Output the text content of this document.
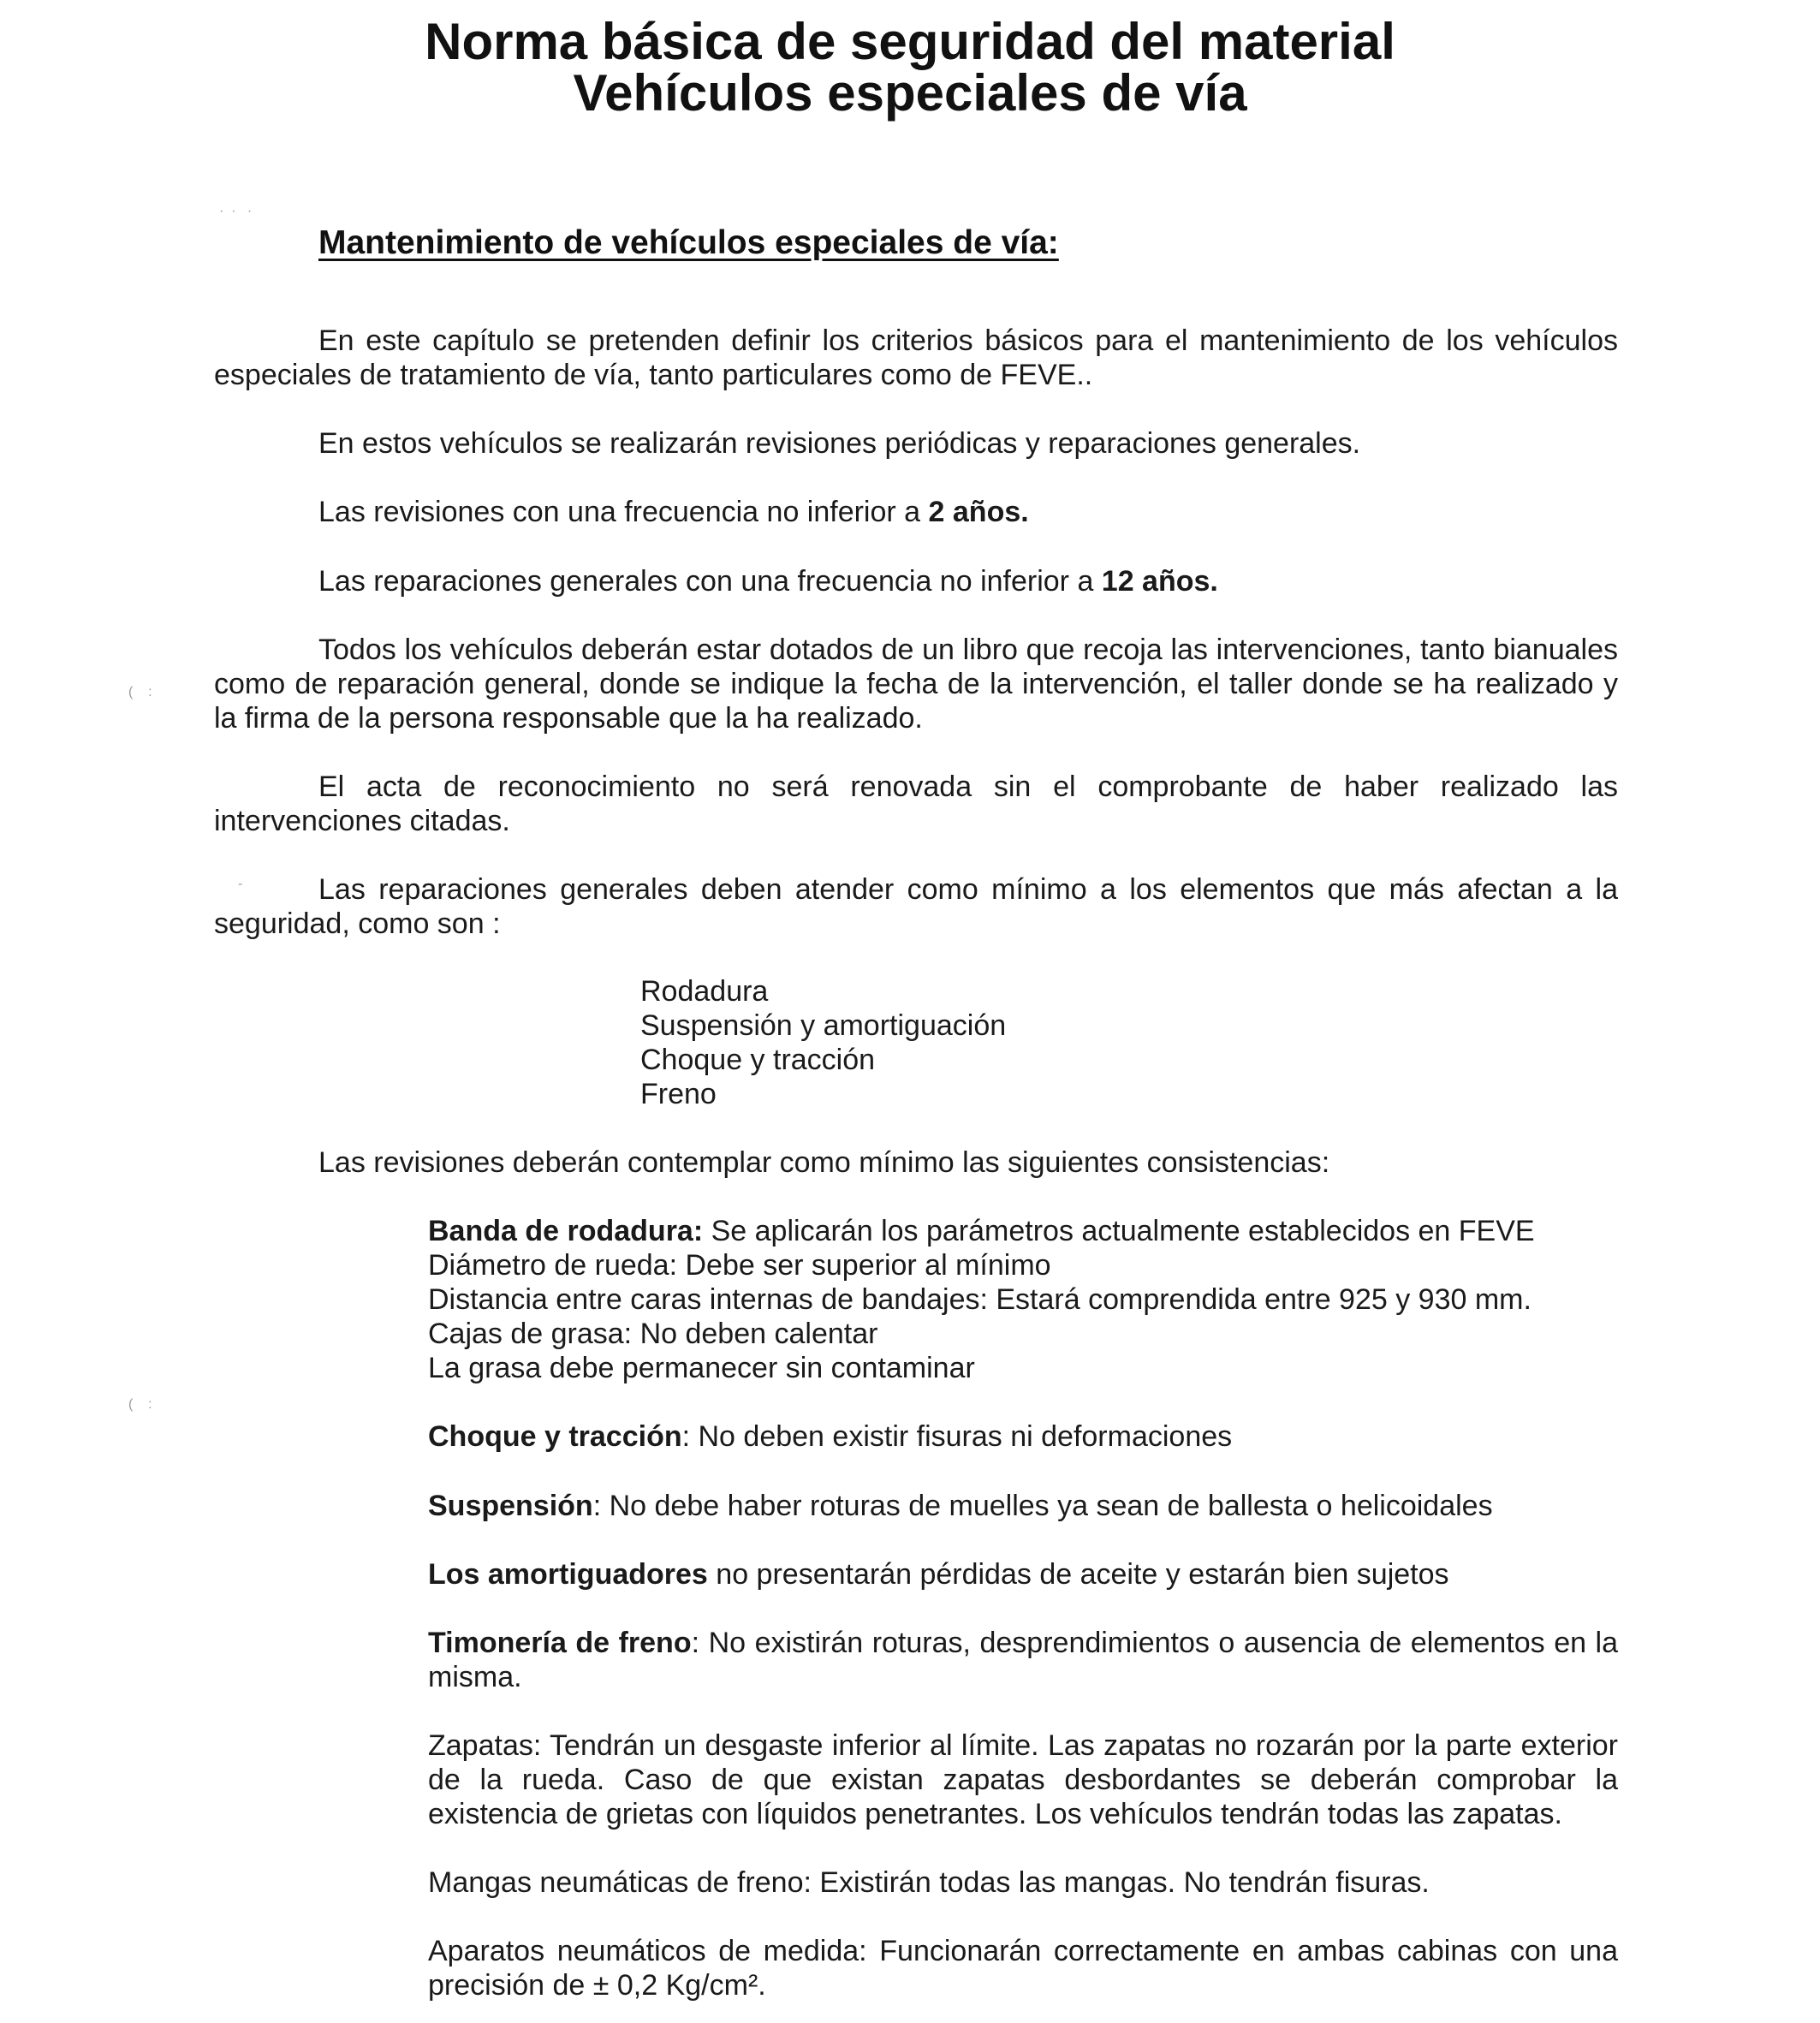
Norma básica de seguridad del material
Vehículos especiales de vía
·  ·   ·
(    :
(    :
-
Mantenimiento de vehículos especiales de vía:

En este capítulo se pretenden definir los criterios básicos para el mantenimiento de los vehículos especiales de tratamiento de vía, tanto particulares como de FEVE..

En estos vehículos se realizarán revisiones periódicas y reparaciones generales.

Las revisiones con una frecuencia no inferior a 2 años.

Las reparaciones generales con una frecuencia no inferior a 12 años.

Todos los vehículos deberán estar dotados de un libro que recoja las intervenciones, tanto bianuales como de reparación general, donde se indique la fecha de la intervención, el taller donde se ha realizado y la firma de la persona responsable que la ha realizado.

El acta de reconocimiento no será renovada sin el comprobante de haber realizado las intervenciones citadas.

Las reparaciones generales deben atender como mínimo a los elementos que más afectan a la seguridad, como son :

Rodadura
Suspensión y amortiguación
Choque y tracción
Freno

Las revisiones deberán contemplar como mínimo las siguientes consistencias:

Banda de rodadura: Se aplicarán los parámetros actualmente establecidos en FEVE
Diámetro de rueda: Debe ser superior al mínimo
Distancia entre caras internas de bandajes: Estará comprendida entre 925 y 930 mm.
Cajas de grasa: No deben calentar
La grasa debe permanecer sin contaminar

Choque y tracción: No deben existir fisuras ni deformaciones

Suspensión: No debe haber roturas de muelles ya sean de ballesta o helicoidales

Los amortiguadores no presentarán pérdidas de aceite y estarán bien sujetos

Timonería de freno: No existirán roturas, desprendimientos o ausencia de elementos en la misma.

Zapatas: Tendrán un desgaste inferior al límite. Las zapatas no rozarán por la parte exterior de la rueda. Caso de que existan zapatas desbordantes se deberán comprobar la existencia de grietas con líquidos penetrantes. Los vehículos tendrán todas las zapatas.

Mangas neumáticas de freno: Existirán todas las mangas. No tendrán fisuras.

Aparatos neumáticos de medida: Funcionarán correctamente en ambas cabinas con una precisión de ± 0,2 Kg/cm².
